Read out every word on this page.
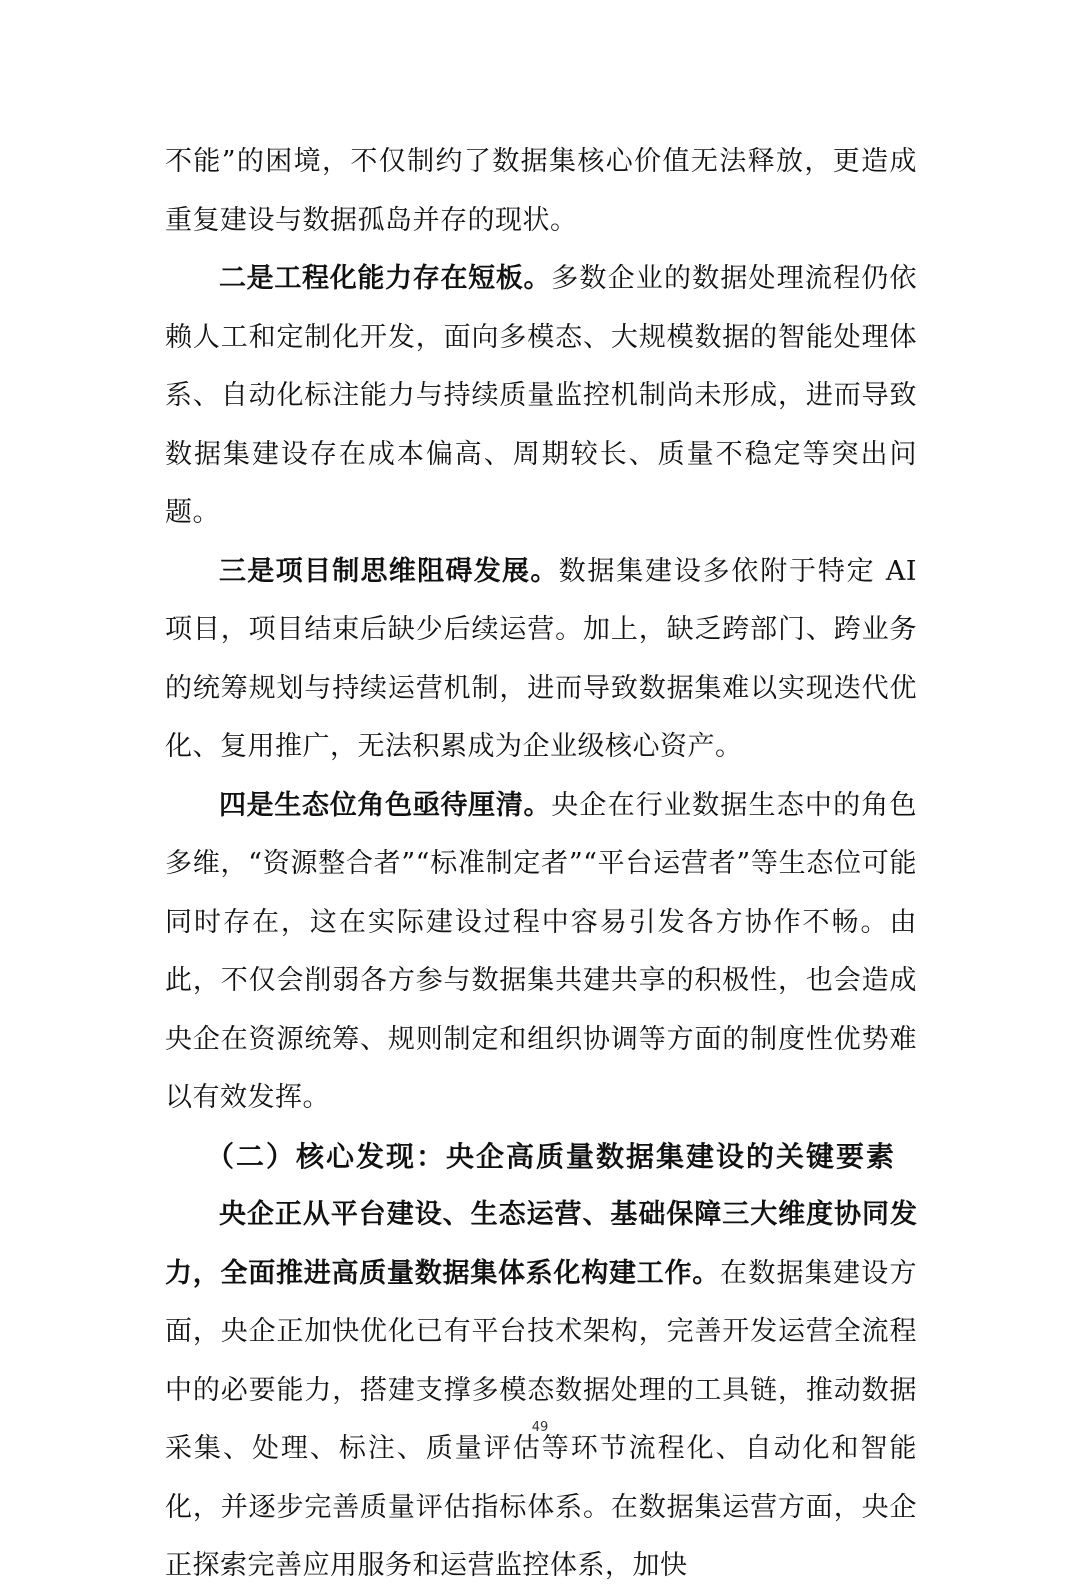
不能”的困境，不仅制约了数据集核心价值无法释放，更造成重复建设与数据孤岛并存的现状。

二是工程化能力存在短板。多数企业的数据处理流程仍依赖人工和定制化开发，面向多模态、大规模数据的智能处理体系、自动化标注能力与持续质量监控机制尚未形成，进而导致数据集建设存在成本偏高、周期较长、质量不稳定等突出问题。

三是项目制思维阻碍发展。数据集建设多依附于特定 AI 项目，项目结束后缺少后续运营。加上，缺乏跨部门、跨业务的统筹规划与持续运营机制，进而导致数据集难以实现迭代优化、复用推广，无法积累成为企业级核心资产。

四是生态位角色亟待厘清。央企在行业数据生态中的角色多维，“资源整合者”“标准制定者”“平台运营者”等生态位可能同时存在，这在实际建设过程中容易引发各方协作不畅。由此，不仅会削弱各方参与数据集共建共享的积极性，也会造成央企在资源统筹、规则制定和组织协调等方面的制度性优势难以有效发挥。

（二）核心发现：央企高质量数据集建设的关键要素

央企正从平台建设、生态运营、基础保障三大维度协同发力，全面推进高质量数据集体系化构建工作。在数据集建设方面，央企正加快优化已有平台技术架构，完善开发运营全流程中的必要能力，搭建支撑多模态数据处理的工具链，推动数据采集、处理、标注、质量评估等环节流程化、自动化和智能化，并逐步完善质量评估指标体系。在数据集运营方面，央企正探索完善应用服务和运营监控体系，加快

49
